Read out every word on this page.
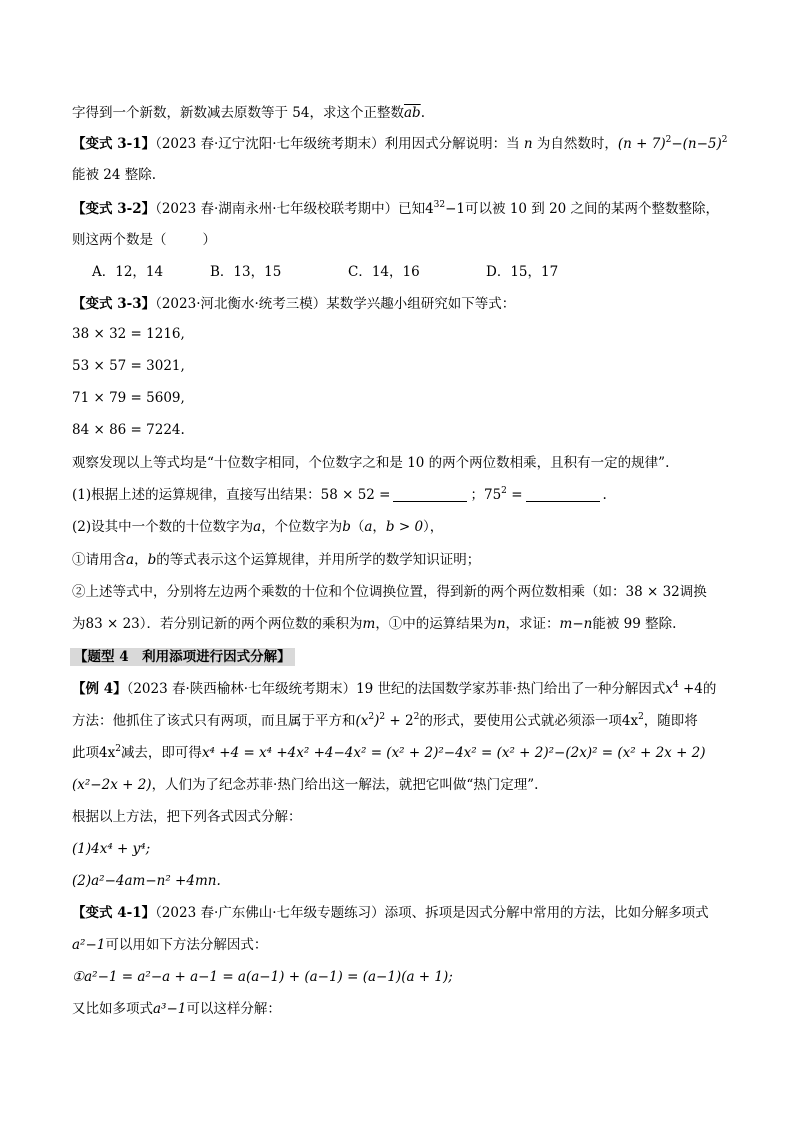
字得到一个新数，新数减去原数等于 54，求这个正整数$\overline{ab}$.
【变式 3-1】（2023 春·辽宁沈阳·七年级统考期末）利用因式分解说明：当 n 为自然数时，$(n + 7)^2-(n-5)^2$
能被 24 整除.
【变式 3-2】（2023 春·湖南永州·七年级校联考期中）已知$4^{32}-1$可以被 10 到 20 之间的某两个整数整除，
则这两个数是（	）
A．12，14	B．13，15	C．14，16	D．15，17
【变式 3-3】（2023·河北衡水·统考三模）某数学兴趣小组研究如下等式：
38 × 32 = 1216,
53 × 57 = 3021,
71 × 79 = 5609,
84 × 86 = 7224.
观察发现以上等式均是“十位数字相同，个位数字之和是 10 的两个两位数相乘，且积有一定的规律”.
(1)根据上述的运算规律，直接写出结果：58 × 52 =	；$75^2$ =	.
(2)设其中一个数的十位数字为a，个位数字为b（a，b > 0），
①请用含a，b的等式表示这个运算规律，并用所学的数学知识证明；
②上述等式中，分别将左边两个乘数的十位和个位调换位置，得到新的两个两位数相乘（如：38 × 32调换
为83 × 23）．若分别记新的两个两位数的乘积为m，①中的运算结果为n，求证：m−n能被 99 整除.
【题型 4　利用添项进行因式分解】
【例 4】（2023 春·陕西榆林·七年级统考期末）19 世纪的法国数学家苏菲·热门给出了一种分解因式$x^4 +4$的
方法：他抓住了该式只有两项，而且属于平方和$(x^2)^2 + 2^2$的形式，要使用公式就必须添一项$4x^2$，随即将
此项$4x^2$减去，即可得x⁴ +4 = x⁴ +4x² +4−4x² = (x² + 2)²−4x² = (x² + 2)²−(2x)² = (x² + 2x + 2)
(x²−2x + 2)，人们为了纪念苏菲·热门给出这一解法，就把它叫做“热门定理”.
根据以上方法，把下列各式因式分解：
(1)4x⁴ + y⁴;
(2)a²−4am−n² +4mn.
【变式 4-1】（2023 春·广东佛山·七年级专题练习）添项、拆项是因式分解中常用的方法，比如分解多项式
a²−1可以用如下方法分解因式：
①a²−1 = a²−a + a−1 = a(a−1) + (a−1) = (a−1)(a + 1);
又比如多项式a³−1可以这样分解：
